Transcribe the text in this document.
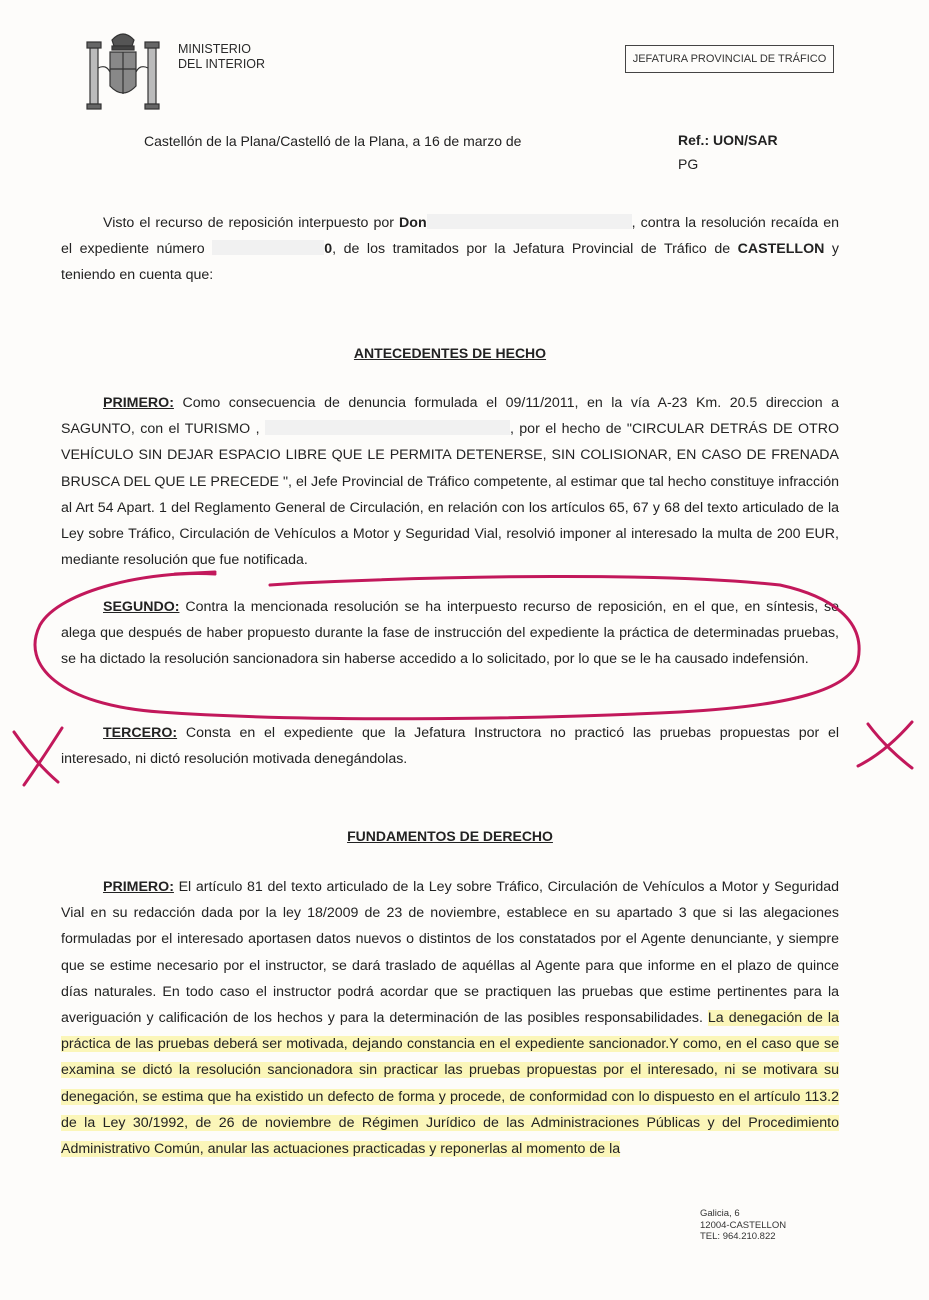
MINISTERIO
DEL INTERIOR	JEFATURA PROVINCIAL DE TRÁFICO
Castellón de la Plana/Castelló de la Plana, a 16 de marzo de	Ref.: UON/SAR
PG
Visto el recurso de reposición interpuesto por Don	, contra la resolución recaída en el expediente número	0, de los tramitados por la Jefatura Provincial de Tráfico de CASTELLON y teniendo en cuenta que:
ANTECEDENTES DE HECHO
PRIMERO: Como consecuencia de denuncia formulada el 09/11/2011, en la vía A-23 Km. 20.5 direccion a SAGUNTO, con el TURISMO ,	, por el hecho de "CIRCULAR DETRÁS DE OTRO VEHÍCULO SIN DEJAR ESPACIO LIBRE QUE LE PERMITA DETENERSE, SIN COLISIONAR, EN CASO DE FRENADA BRUSCA DEL QUE LE PRECEDE ", el Jefe Provincial de Tráfico competente, al estimar que tal hecho constituye infracción al Art 54 Apart. 1 del Reglamento General de Circulación, en relación con los artículos 65, 67 y 68 del texto articulado de la Ley sobre Tráfico, Circulación de Vehículos a Motor y Seguridad Vial, resolvió imponer al interesado la multa de 200 EUR, mediante resolución que fue notificada.
SEGUNDO: Contra la mencionada resolución se ha interpuesto recurso de reposición, en el que, en síntesis, se alega que después de haber propuesto durante la fase de instrucción del expediente la práctica de determinadas pruebas, se ha dictado la resolución sancionadora sin haberse accedido a lo solicitado, por lo que se le ha causado indefensión.
TERCERO: Consta en el expediente que la Jefatura Instructora no practicó las pruebas propuestas por el interesado, ni dictó resolución motivada denegándolas.
FUNDAMENTOS DE DERECHO
PRIMERO: El artículo 81 del texto articulado de la Ley sobre Tráfico, Circulación de Vehículos a Motor y Seguridad Vial en su redacción dada por la ley 18/2009 de 23 de noviembre, establece en su apartado 3 que si las alegaciones formuladas por el interesado aportasen datos nuevos o distintos de los constatados por el Agente denunciante, y siempre que se estime necesario por el instructor, se dará traslado de aquéllas al Agente para que informe en el plazo de quince días naturales. En todo caso el instructor podrá acordar que se practiquen las pruebas que estime pertinentes para la averiguación y calificación de los hechos y para la determinación de las posibles responsabilidades. La denegación de la práctica de las pruebas deberá ser motivada, dejando constancia en el expediente sancionador.Y como, en el caso que se examina se dictó la resolución sancionadora sin practicar las pruebas propuestas por el interesado, ni se motivara su denegación, se estima que ha existido un defecto de forma y procede, de conformidad con lo dispuesto en el artículo 113.2 de la Ley 30/1992, de 26 de noviembre de Régimen Jurídico de las Administraciones Públicas y del Procedimiento Administrativo Común, anular las actuaciones practicadas y reponerlas al momento de la
Galicia, 6
12004-CASTELLON
TEL: 964.210.822
